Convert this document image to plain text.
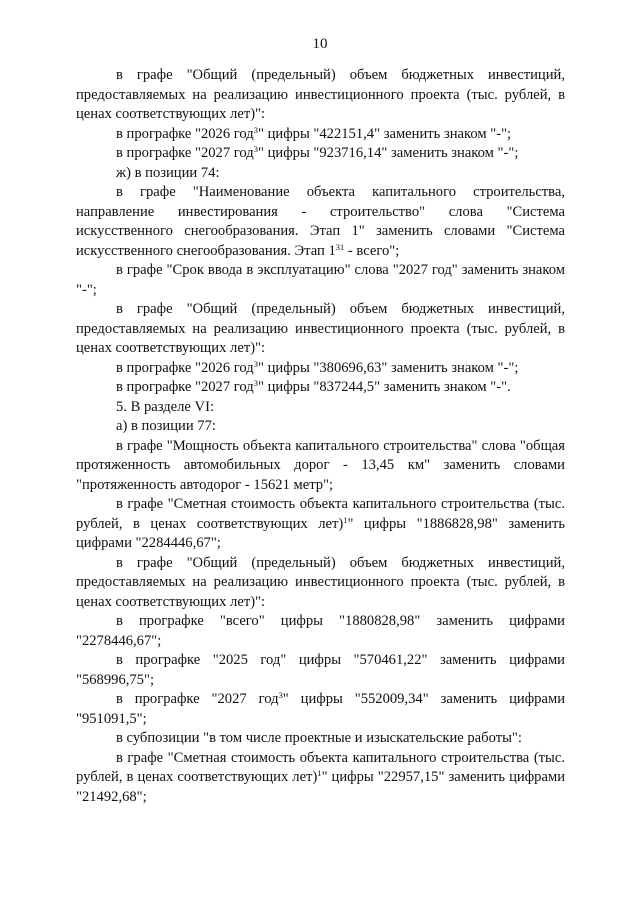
10

в графе "Общий (предельный) объем бюджетных инвестиций, предоставляемых на реализацию инвестиционного проекта (тыс. рублей, в ценах соответствующих лет)":

в прографке "2026 год$^3$" цифры "422151,4" заменить знаком "-";

в прографке "2027 год$^3$" цифры "923716,14" заменить знаком "-";

ж) в позиции 74:

в графе "Наименование объекта капитального строительства, направление инвестирования - строительство" слова "Система искусственного снегообразования. Этап 1" заменить словами "Система искусственного снегообразования. Этап $1^{31}$ - всего";

в графе "Срок ввода в эксплуатацию" слова "2027 год" заменить знаком "-";

в графе "Общий (предельный) объем бюджетных инвестиций, предоставляемых на реализацию инвестиционного проекта (тыс. рублей, в ценах соответствующих лет)":

в прографке "2026 год$^3$" цифры "380696,63" заменить знаком "-";

в прографке "2027 год$^3$" цифры "837244,5" заменить знаком "-".

5. В разделе VI:

а) в позиции 77:

в графе "Мощность объекта капитального строительства" слова "общая протяженность автомобильных дорог - 13,45 км" заменить словами "протяженность автодорог - 15621 метр";

в графе "Сметная стоимость объекта капитального строительства (тыс. рублей, в ценах соответствующих лет)$^1$" цифры "1886828,98" заменить цифрами "2284446,67";

в графе "Общий (предельный) объем бюджетных инвестиций, предоставляемых на реализацию инвестиционного проекта (тыс. рублей, в ценах соответствующих лет)":

в прографке "всего" цифры "1880828,98" заменить цифрами "2278446,67";

в прографке "2025 год" цифры "570461,22" заменить цифрами "568996,75";

в прографке "2027 год$^3$" цифры "552009,34" заменить цифрами "951091,5";

в субпозиции "в том числе проектные и изыскательские работы":

в графе "Сметная стоимость объекта капитального строительства (тыс. рублей, в ценах соответствующих лет)$^1$" цифры "22957,15" заменить цифрами "21492,68";
